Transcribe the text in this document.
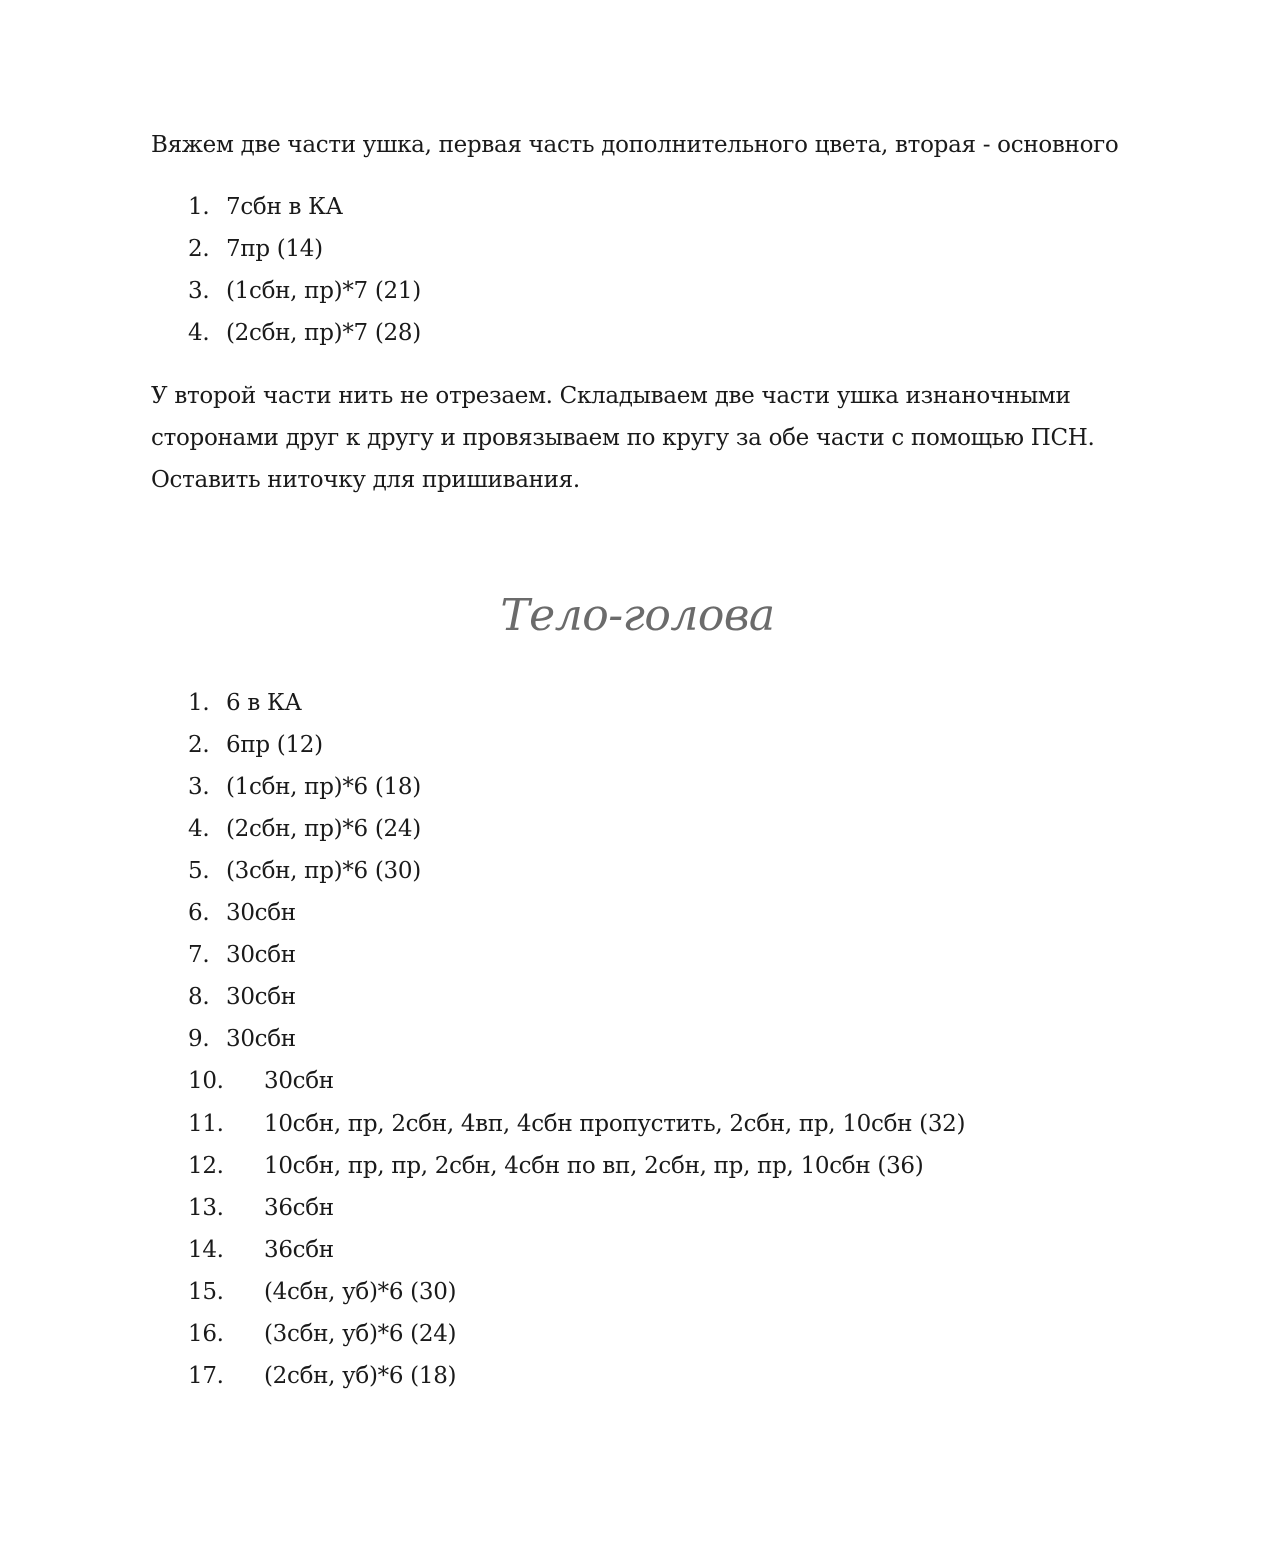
Вяжем две части ушка, первая часть дополнительного цвета, вторая - основного
1. 7сбн в КА
2. 7пр (14)
3. (1сбн, пр)*7 (21)
4. (2сбн, пр)*7 (28)
У второй части нить не отрезаем. Складываем две части ушка изнаночными
сторонами друг к другу и провязываем по кругу за обе части с помощью ПСН.
Оставить ниточку для пришивания.
Тело-голова
1. 6 в КА
2. 6пр (12)
3. (1сбн, пр)*6 (18)
4. (2сбн, пр)*6 (24)
5. (3сбн, пр)*6 (30)
6. 30сбн
7. 30сбн
8. 30сбн
9. 30сбн
10. 30сбн
11. 10сбн, пр, 2сбн, 4вп, 4сбн пропустить, 2сбн, пр, 10сбн (32)
12. 10сбн, пр, пр, 2сбн, 4сбн по вп, 2сбн, пр, пр, 10сбн (36)
13. 36сбн
14. 36сбн
15. (4сбн, уб)*6 (30)
16. (3сбн, уб)*6 (24)
17. (2сбн, уб)*6 (18)
